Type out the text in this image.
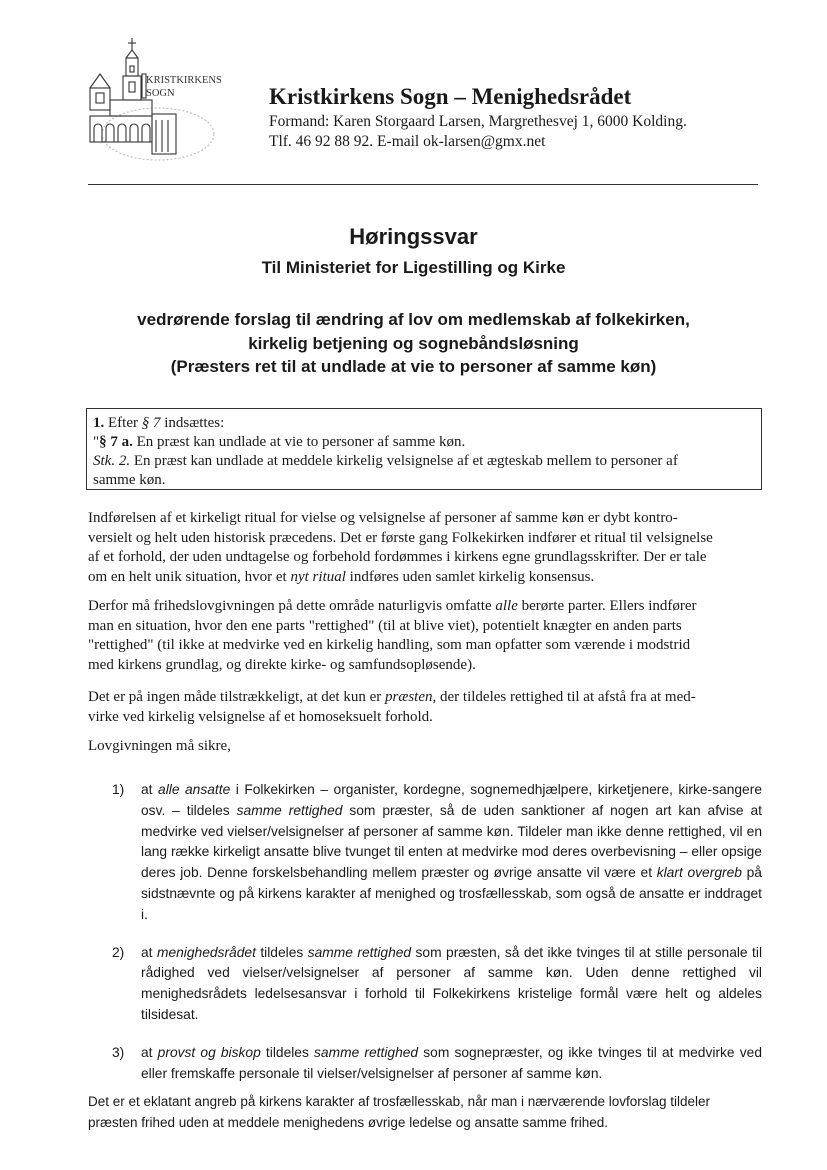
KRISTKIRKENS
SOGN	Kristkirkens Sogn – Menighedsrådet
Formand: Karen Storgaard Larsen, Margrethesvej 1, 6000 Kolding.
Tlf. 46 92 88 92. E-mail ok-larsen@gmx.net
Høringssvar
Til Ministeriet for Ligestilling og Kirke
vedrørende forslag til ændring af lov om medlemskab af folkekirken,
kirkelig betjening og sognebåndsløsning
(Præsters ret til at undlade at vie to personer af samme køn)

1. Efter § 7 indsættes:

"§ 7 a. En præst kan undlade at vie to personer af samme køn.

Stk. 2. En præst kan undlade at meddele kirkelig velsignelse af et ægteskab mellem to personer af

samme køn.

Indførelsen af et kirkeligt ritual for vielse og velsignelse af personer af samme køn er dybt kontro-

versielt og helt uden historisk præcedens. Det er første gang Folkekirken indfører et ritual til velsignelse

af et forhold, der uden undtagelse og forbehold fordømmes i kirkens egne grundlagsskrifter. Der er tale

om en helt unik situation, hvor et nyt ritual indføres uden samlet kirkelig konsensus.

Derfor må frihedslovgivningen på dette område naturligvis omfatte alle berørte parter. Ellers indfører

man en situation, hvor den ene parts "rettighed" (til at blive viet), potentielt knægter en anden parts

"rettighed" (til ikke at medvirke ved en kirkelig handling, som man opfatter som værende i modstrid

med kirkens grundlag, og direkte kirke- og samfundsopløsende).

Det er på ingen måde tilstrækkeligt, at det kun er præsten, der tildeles rettighed til at afstå fra at med-

virke ved kirkelig velsignelse af et homoseksuelt forhold.

Lovgivningen må sikre,

1) at alle ansatte i Folkekirken – organister, kordegne, sognemedhjælpere, kirketjenere, kirke-sangere osv. – tildeles samme rettighed som præster, så de uden sanktioner af nogen art kan afvise at medvirke ved vielser/velsignelser af personer af samme køn. Tildeler man ikke denne rettighed, vil en lang række kirkeligt ansatte blive tvunget til enten at medvirke mod deres overbevisning – eller opsige deres job. Denne forskelsbehandling mellem præster og øvrige ansatte vil være et klart overgreb på sidstnævnte og på kirkens karakter af menighed og trosfællesskab, som også de ansatte er inddraget i.
2) at menighedsrådet tildeles samme rettighed som præsten, så det ikke tvinges til at stille personale til rådighed ved vielser/velsignelser af personer af samme køn. Uden denne rettighed vil menighedsrådets ledelsesansvar i forhold til Folkekirkens kristelige formål være helt og aldeles tilsidesat.
3) at provst og biskop tildeles samme rettighed som sognepræster, og ikke tvinges til at medvirke ved eller fremskaffe personale til vielser/velsignelser af personer af samme køn.

Det er et eklatant angreb på kirkens karakter af trosfællesskab, når man i nærværende lovforslag tildeler

præsten frihed uden at meddele menighedens øvrige ledelse og ansatte samme frihed.
